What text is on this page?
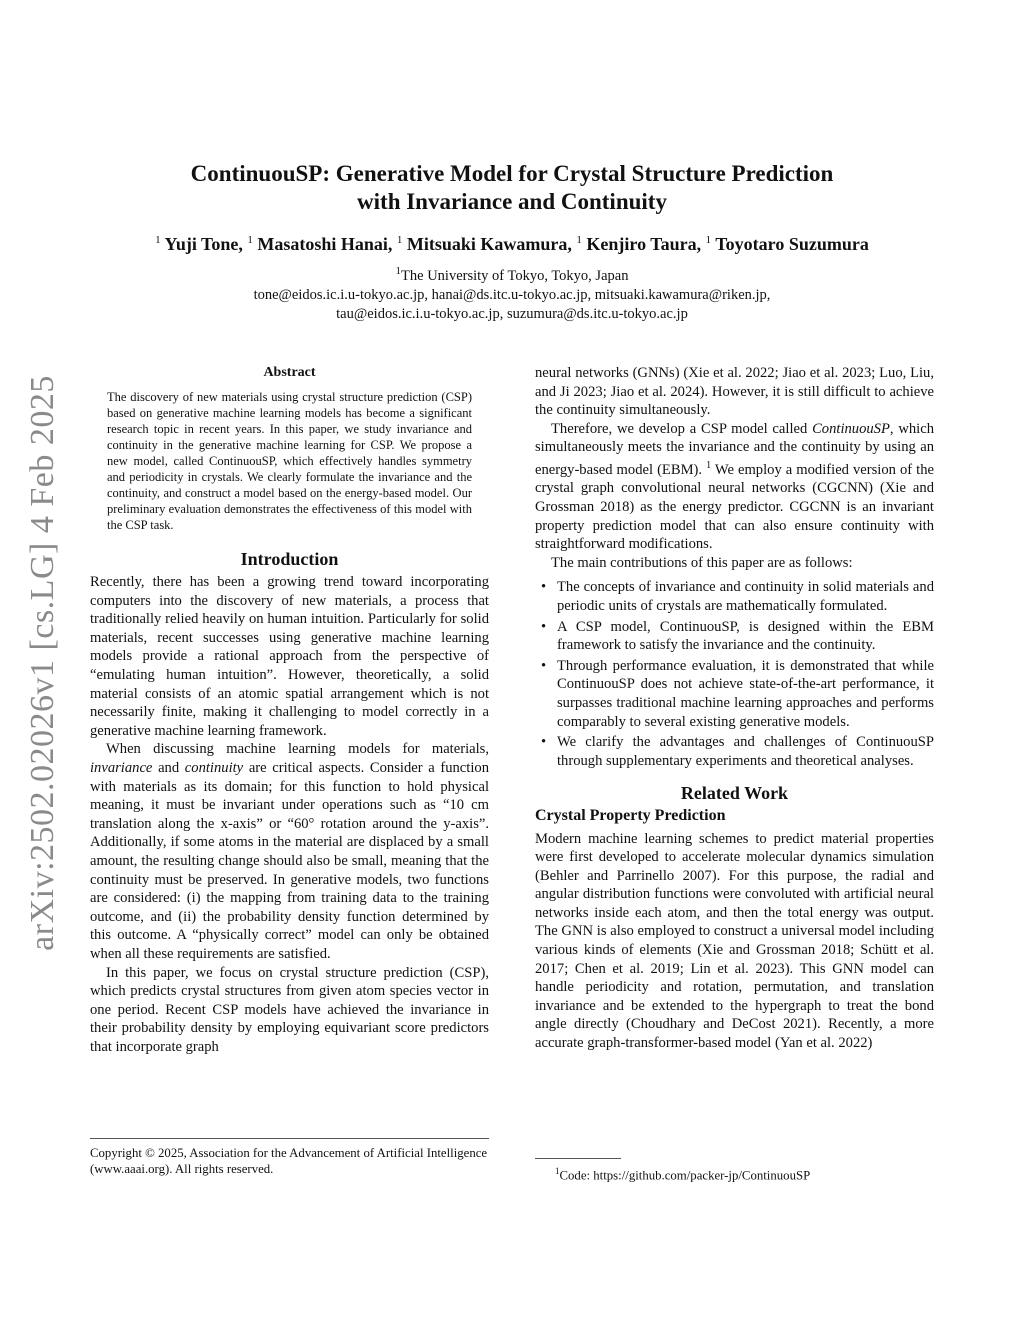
arXiv:2502.02026v1 [cs.LG] 4 Feb 2025
ContinuouSP: Generative Model for Crystal Structure Prediction
with Invariance and Continuity

$^1$ Yuji Tone, $^1$ Masatoshi Hanai, $^1$ Mitsuaki Kawamura, $^1$ Kenjiro Taura, $^1$ Toyotaro Suzumura

$^1$The University of Tokyo, Tokyo, Japan
tone@eidos.ic.i.u-tokyo.ac.jp, hanai@ds.itc.u-tokyo.ac.jp, mitsuaki.kawamura@riken.jp,
tau@eidos.ic.i.u-tokyo.ac.jp, suzumura@ds.itc.u-tokyo.ac.jp
Abstract

The discovery of new materials using crystal structure prediction (CSP) based on generative machine learning models has become a significant research topic in recent years. In this paper, we study invariance and continuity in the generative machine learning for CSP. We propose a new model, called ContinuouSP, which effectively handles symmetry and periodicity in crystals. We clearly formulate the invariance and the continuity, and construct a model based on the energy-based model. Our preliminary evaluation demonstrates the effectiveness of this model with the CSP task.

Introduction

Recently, there has been a growing trend toward incorporating computers into the discovery of new materials, a process that traditionally relied heavily on human intuition. Particularly for solid materials, recent successes using generative machine learning models provide a rational approach from the perspective of “emulating human intuition”. However, theoretically, a solid material consists of an atomic spatial arrangement which is not necessarily finite, making it challenging to model correctly in a generative machine learning framework.

When discussing machine learning models for materials, invariance and continuity are critical aspects. Consider a function with materials as its domain; for this function to hold physical meaning, it must be invariant under operations such as “10 cm translation along the x-axis” or “60° rotation around the y-axis”. Additionally, if some atoms in the material are displaced by a small amount, the resulting change should also be small, meaning that the continuity must be preserved. In generative models, two functions are considered: (i) the mapping from training data to the training outcome, and (ii) the probability density function determined by this outcome. A “physically correct” model can only be obtained when all these requirements are satisfied.

In this paper, we focus on crystal structure prediction (CSP), which predicts crystal structures from given atom species vector in one period. Recent CSP models have achieved the invariance in their probability density by employing equivariant score predictors that incorporate graph

neural networks (GNNs) (Xie et al. 2022; Jiao et al. 2023; Luo, Liu, and Ji 2023; Jiao et al. 2024). However, it is still difficult to achieve the continuity simultaneously.

Therefore, we develop a CSP model called ContinuouSP, which simultaneously meets the invariance and the continuity by using an energy-based model (EBM). $^1$ We employ a modified version of the crystal graph convolutional neural networks (CGCNN) (Xie and Grossman 2018) as the energy predictor. CGCNN is an invariant property prediction model that can also ensure continuity with straightforward modifications.

The main contributions of this paper are as follows:

• The concepts of invariance and continuity in solid materials and periodic units of crystals are mathematically formulated.
• A CSP model, ContinuouSP, is designed within the EBM framework to satisfy the invariance and the continuity.
• Through performance evaluation, it is demonstrated that while ContinuouSP does not achieve state-of-the-art performance, it surpasses traditional machine learning approaches and performs comparably to several existing generative models.
• We clarify the advantages and challenges of ContinuouSP through supplementary experiments and theoretical analyses.
Related Work
Crystal Property Prediction

Modern machine learning schemes to predict material properties were first developed to accelerate molecular dynamics simulation (Behler and Parrinello 2007). For this purpose, the radial and angular distribution functions were convoluted with artificial neural networks inside each atom, and then the total energy was output. The GNN is also employed to construct a universal model including various kinds of elements (Xie and Grossman 2018; Schütt et al. 2017; Chen et al. 2019; Lin et al. 2023). This GNN model can handle periodicity and rotation, permutation, and translation invariance and be extended to the hypergraph to treat the bond angle directly (Choudhary and DeCost 2021). Recently, a more accurate graph-transformer-based model (Yan et al. 2022)

Copyright © 2025, Association for the Advancement of Artificial Intelligence (www.aaai.org). All rights reserved.	$^1$Code: https://github.com/packer-jp/ContinuouSP
